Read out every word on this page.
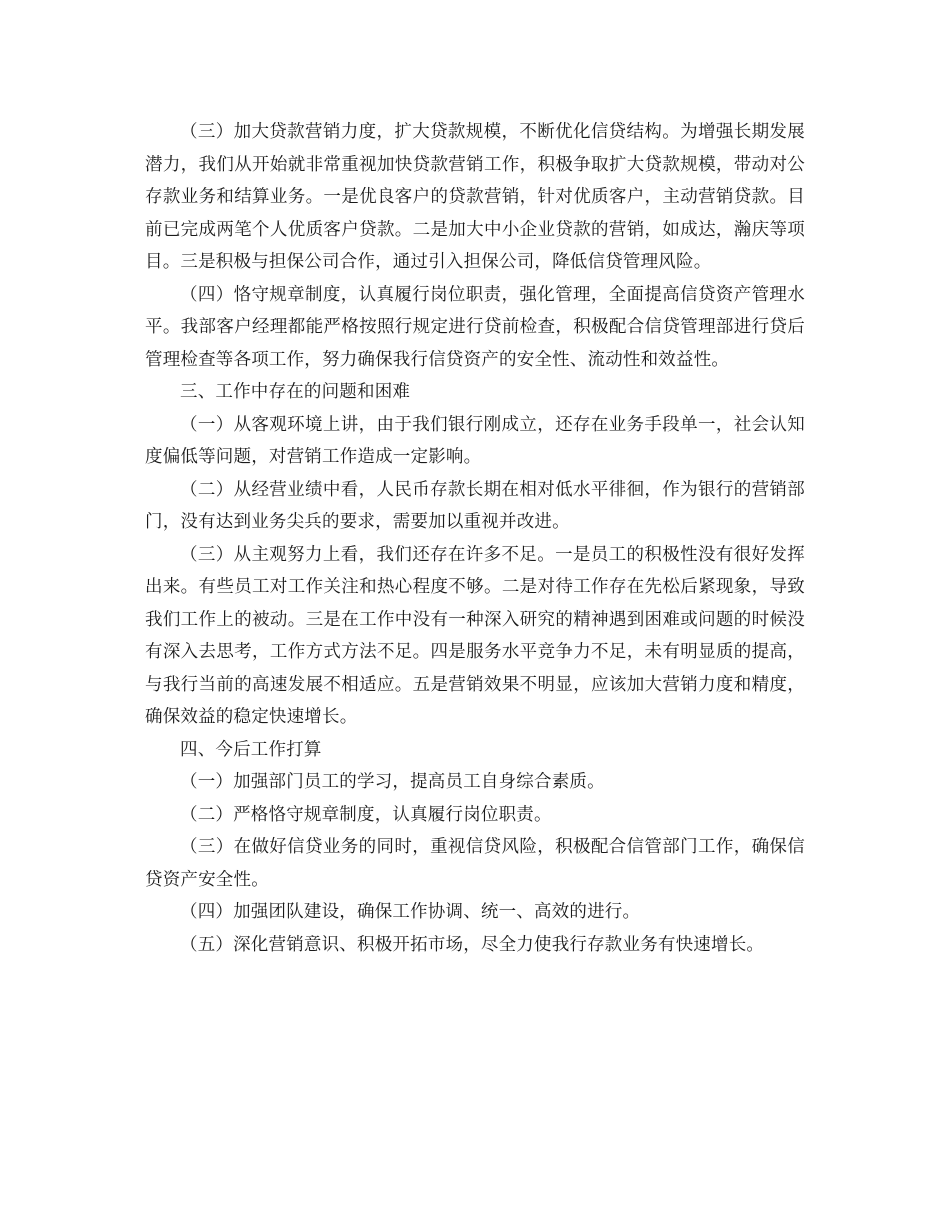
（三）加大贷款营销力度，扩大贷款规模，不断优化信贷结构。为增强长期发展潜力，我们从开始就非常重视加快贷款营销工作，积极争取扩大贷款规模，带动对公存款业务和结算业务。一是优良客户的贷款营销，针对优质客户，主动营销贷款。目前已完成两笔个人优质客户贷款。二是加大中小企业贷款的营销，如成达，瀚庆等项目。三是积极与担保公司合作，通过引入担保公司，降低信贷管理风险。

（四）恪守规章制度，认真履行岗位职责，强化管理，全面提高信贷资产管理水平。我部客户经理都能严格按照行规定进行贷前检查，积极配合信贷管理部进行贷后管理检查等各项工作，努力确保我行信贷资产的安全性、流动性和效益性。

三、工作中存在的问题和困难

（一）从客观环境上讲，由于我们银行刚成立，还存在业务手段单一，社会认知度偏低等问题，对营销工作造成一定影响。

（二）从经营业绩中看，人民币存款长期在相对低水平徘徊，作为银行的营销部门，没有达到业务尖兵的要求，需要加以重视并改进。

（三）从主观努力上看，我们还存在许多不足。一是员工的积极性没有很好发挥出来。有些员工对工作关注和热心程度不够。二是对待工作存在先松后紧现象，导致我们工作上的被动。三是在工作中没有一种深入研究的精神遇到困难或问题的时候没有深入去思考，工作方式方法不足。四是服务水平竞争力不足，未有明显质的提高，与我行当前的高速发展不相适应。五是营销效果不明显，应该加大营销力度和精度，确保效益的稳定快速增长。

四、今后工作打算

（一）加强部门员工的学习，提高员工自身综合素质。

（二）严格恪守规章制度，认真履行岗位职责。

（三）在做好信贷业务的同时，重视信贷风险，积极配合信管部门工作，确保信贷资产安全性。

（四）加强团队建设，确保工作协调、统一、高效的进行。

（五）深化营销意识、积极开拓市场，尽全力使我行存款业务有快速增长。
